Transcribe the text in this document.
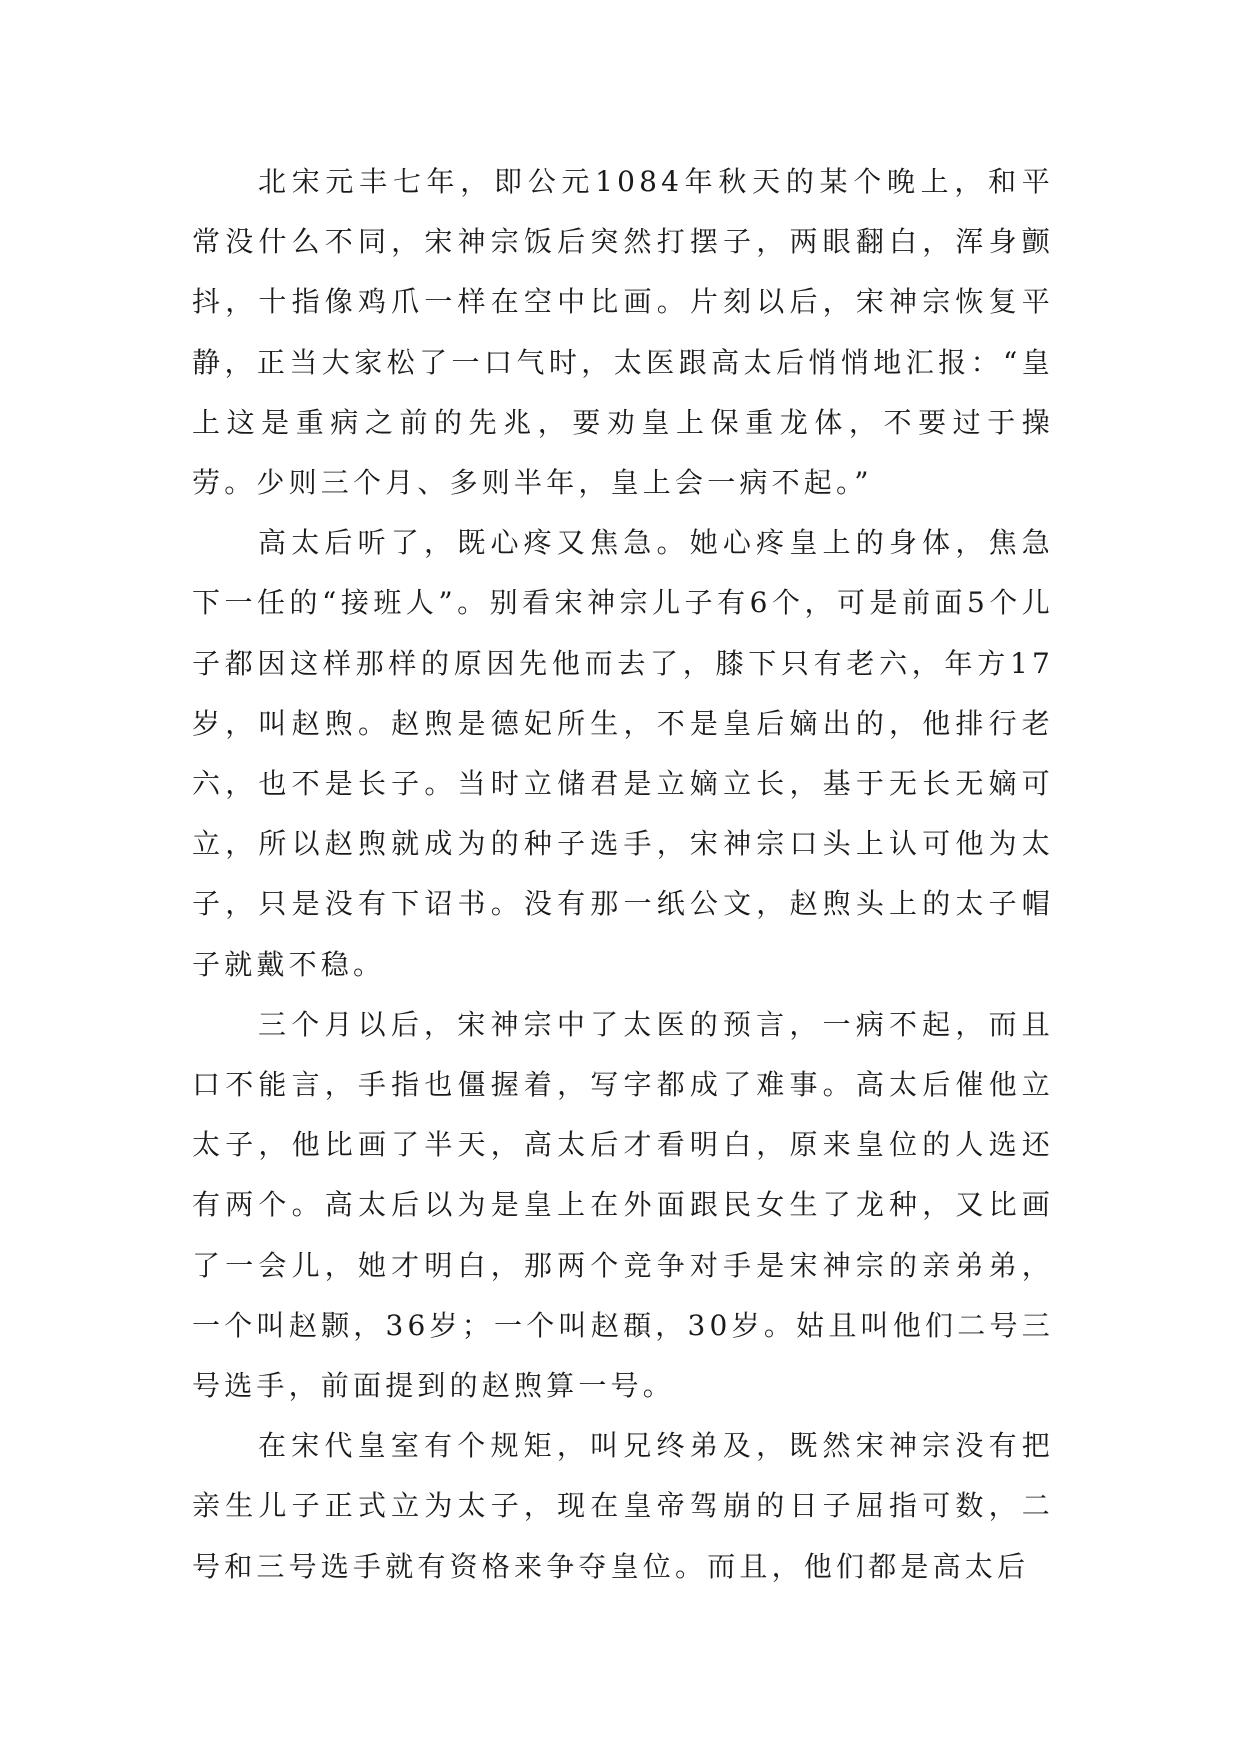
北宋元丰七年，即公元1084年秋天的某个晚上，和平常没什么不同，宋神宗饭后突然打摆子，两眼翻白，浑身颤抖，十指像鸡爪一样在空中比画。片刻以后，宋神宗恢复平静，正当大家松了一口气时，太医跟高太后悄悄地汇报：“皇上这是重病之前的先兆，要劝皇上保重龙体，不要过于操劳。少则三个月、多则半年，皇上会一病不起。”

高太后听了，既心疼又焦急。她心疼皇上的身体，焦急下一任的“接班人”。别看宋神宗儿子有6个，可是前面5个儿子都因这样那样的原因先他而去了，膝下只有老六，年方17岁，叫赵煦。赵煦是德妃所生，不是皇后嫡出的，他排行老六，也不是长子。当时立储君是立嫡立长，基于无长无嫡可立，所以赵煦就成为的种子选手，宋神宗口头上认可他为太子，只是没有下诏书。没有那一纸公文，赵煦头上的太子帽子就戴不稳。

三个月以后，宋神宗中了太医的预言，一病不起，而且口不能言，手指也僵握着，写字都成了难事。高太后催他立太子，他比画了半天，高太后才看明白，原来皇位的人选还有两个。高太后以为是皇上在外面跟民女生了龙种，又比画了一会儿，她才明白，那两个竞争对手是宋神宗的亲弟弟，一个叫赵颢，36岁；一个叫赵頵，30岁。姑且叫他们二号三号选手，前面提到的赵煦算一号。

在宋代皇室有个规矩，叫兄终弟及，既然宋神宗没有把亲生儿子正式立为太子，现在皇帝驾崩的日子屈指可数，二号和三号选手就有资格来争夺皇位。而且，他们都是高太后
